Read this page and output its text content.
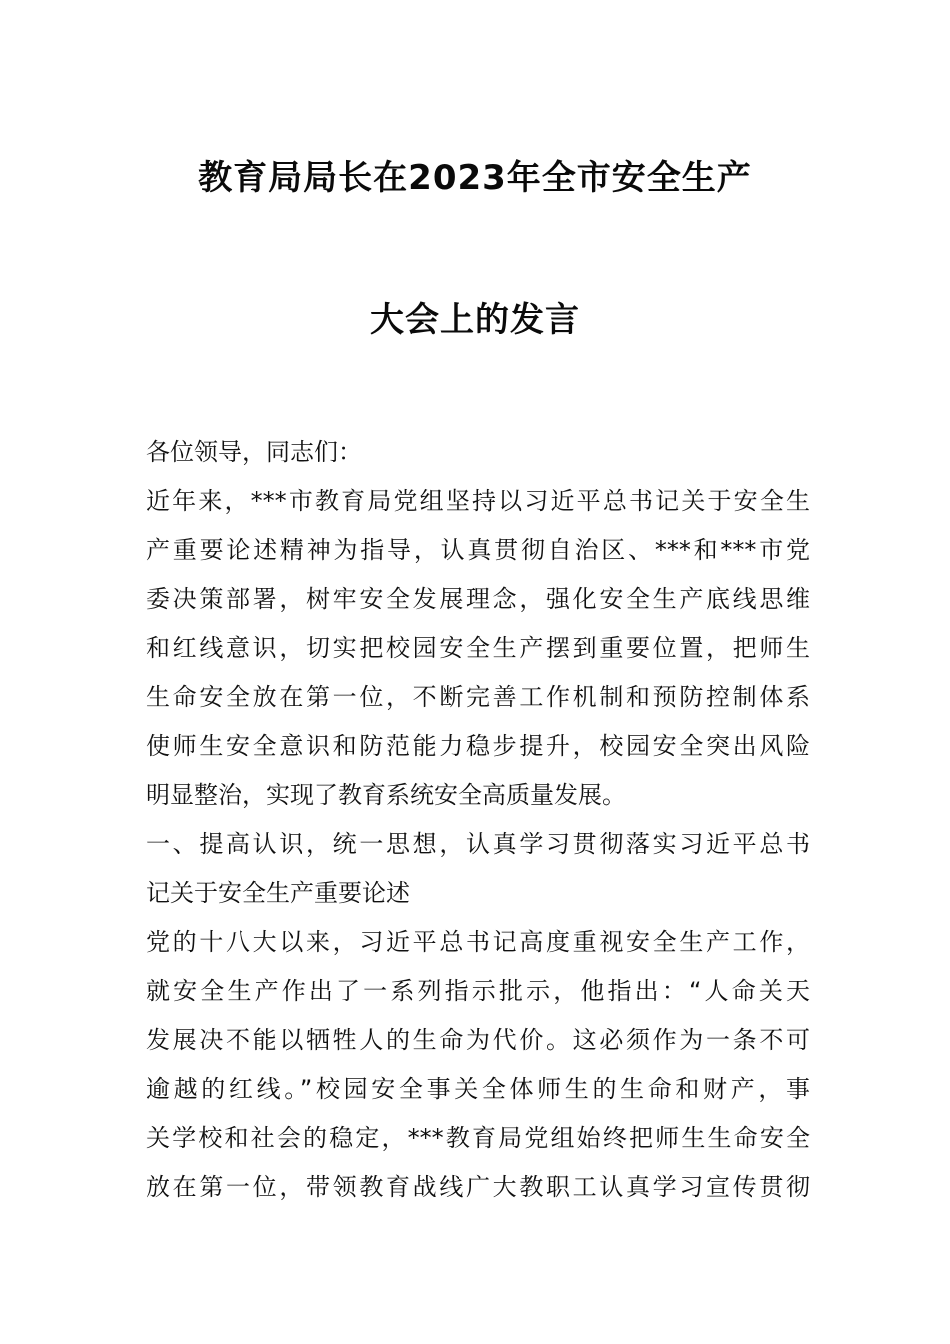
教育局局长在2023年全市安全生产
大会上的发言
各位领导，同志们：
近年来，***市教育局党组坚持以习近平总书记关于安全生
产重要论述精神为指导，认真贯彻自治区、***和***市党
委决策部署，树牢安全发展理念，强化安全生产底线思维
和红线意识，切实把校园安全生产摆到重要位置，把师生
生命安全放在第一位，不断完善工作机制和预防控制体系
使师生安全意识和防范能力稳步提升，校园安全突出风险
明显整治，实现了教育系统安全高质量发展。
一、提高认识，统一思想，认真学习贯彻落实习近平总书
记关于安全生产重要论述
党的十八大以来，习近平总书记高度重视安全生产工作，
就安全生产作出了一系列指示批示，他指出：“人命关天
发展决不能以牺牲人的生命为代价。这必须作为一条不可
逾越的红线。”校园安全事关全体师生的生命和财产，事
关学校和社会的稳定，***教育局党组始终把师生生命安全
放在第一位，带领教育战线广大教职工认真学习宣传贯彻
